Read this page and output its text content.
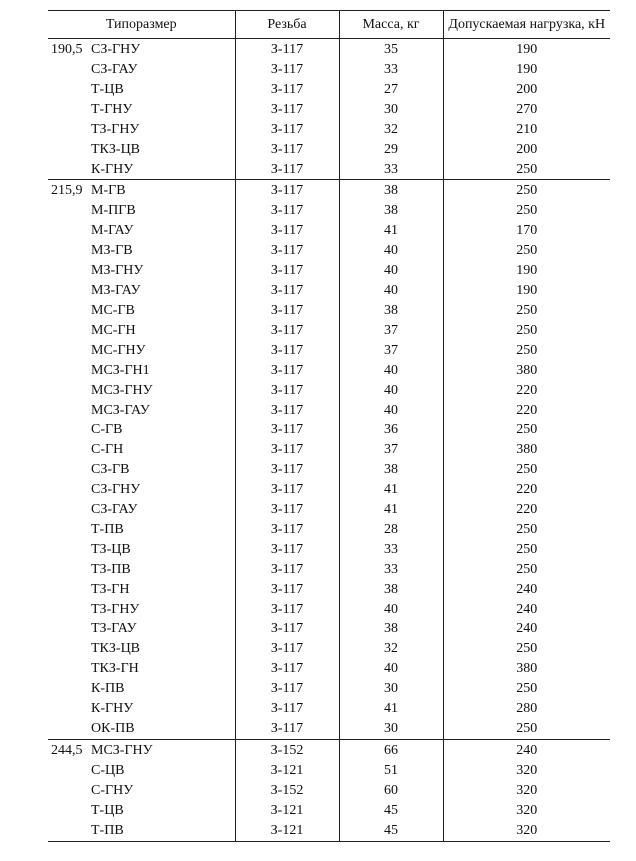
Типоразмер	Резьба	Масса, кг	Допускаемая нагрузка, кН
190,5 СЗ-ГНУ	З-117	35	190
СЗ-ГАУ	З-117	33	190
Т-ЦВ	З-117	27	200
Т-ГНУ	З-117	30	270
ТЗ-ГНУ	З-117	32	210
ТКЗ-ЦВ	З-117	29	200
К-ГНУ	З-117	33	250
215,9 М-ГВ	З-117	38	250
М-ПГВ	З-117	38	250
М-ГАУ	З-117	41	170
МЗ-ГВ	З-117	40	250
МЗ-ГНУ	З-117	40	190
МЗ-ГАУ	З-117	40	190
МС-ГВ	З-117	38	250
МС-ГН	З-117	37	250
МС-ГНУ	З-117	37	250
МСЗ-ГН1	З-117	40	380
МСЗ-ГНУ	З-117	40	220
МСЗ-ГАУ	З-117	40	220
С-ГВ	З-117	36	250
С-ГН	З-117	37	380
СЗ-ГВ	З-117	38	250
СЗ-ГНУ	З-117	41	220
СЗ-ГАУ	З-117	41	220
Т-ПВ	З-117	28	250
ТЗ-ЦВ	З-117	33	250
ТЗ-ПВ	З-117	33	250
ТЗ-ГН	З-117	38	240
ТЗ-ГНУ	З-117	40	240
ТЗ-ГАУ	З-117	38	240
ТКЗ-ЦВ	З-117	32	250
ТКЗ-ГН	З-117	40	380
К-ПВ	З-117	30	250
К-ГНУ	З-117	41	280
ОК-ПВ	З-117	30	250
244,5 МСЗ-ГНУ	З-152	66	240
С-ЦВ	З-121	51	320
С-ГНУ	З-152	60	320
Т-ЦВ	З-121	45	320
Т-ПВ	З-121	45	320
